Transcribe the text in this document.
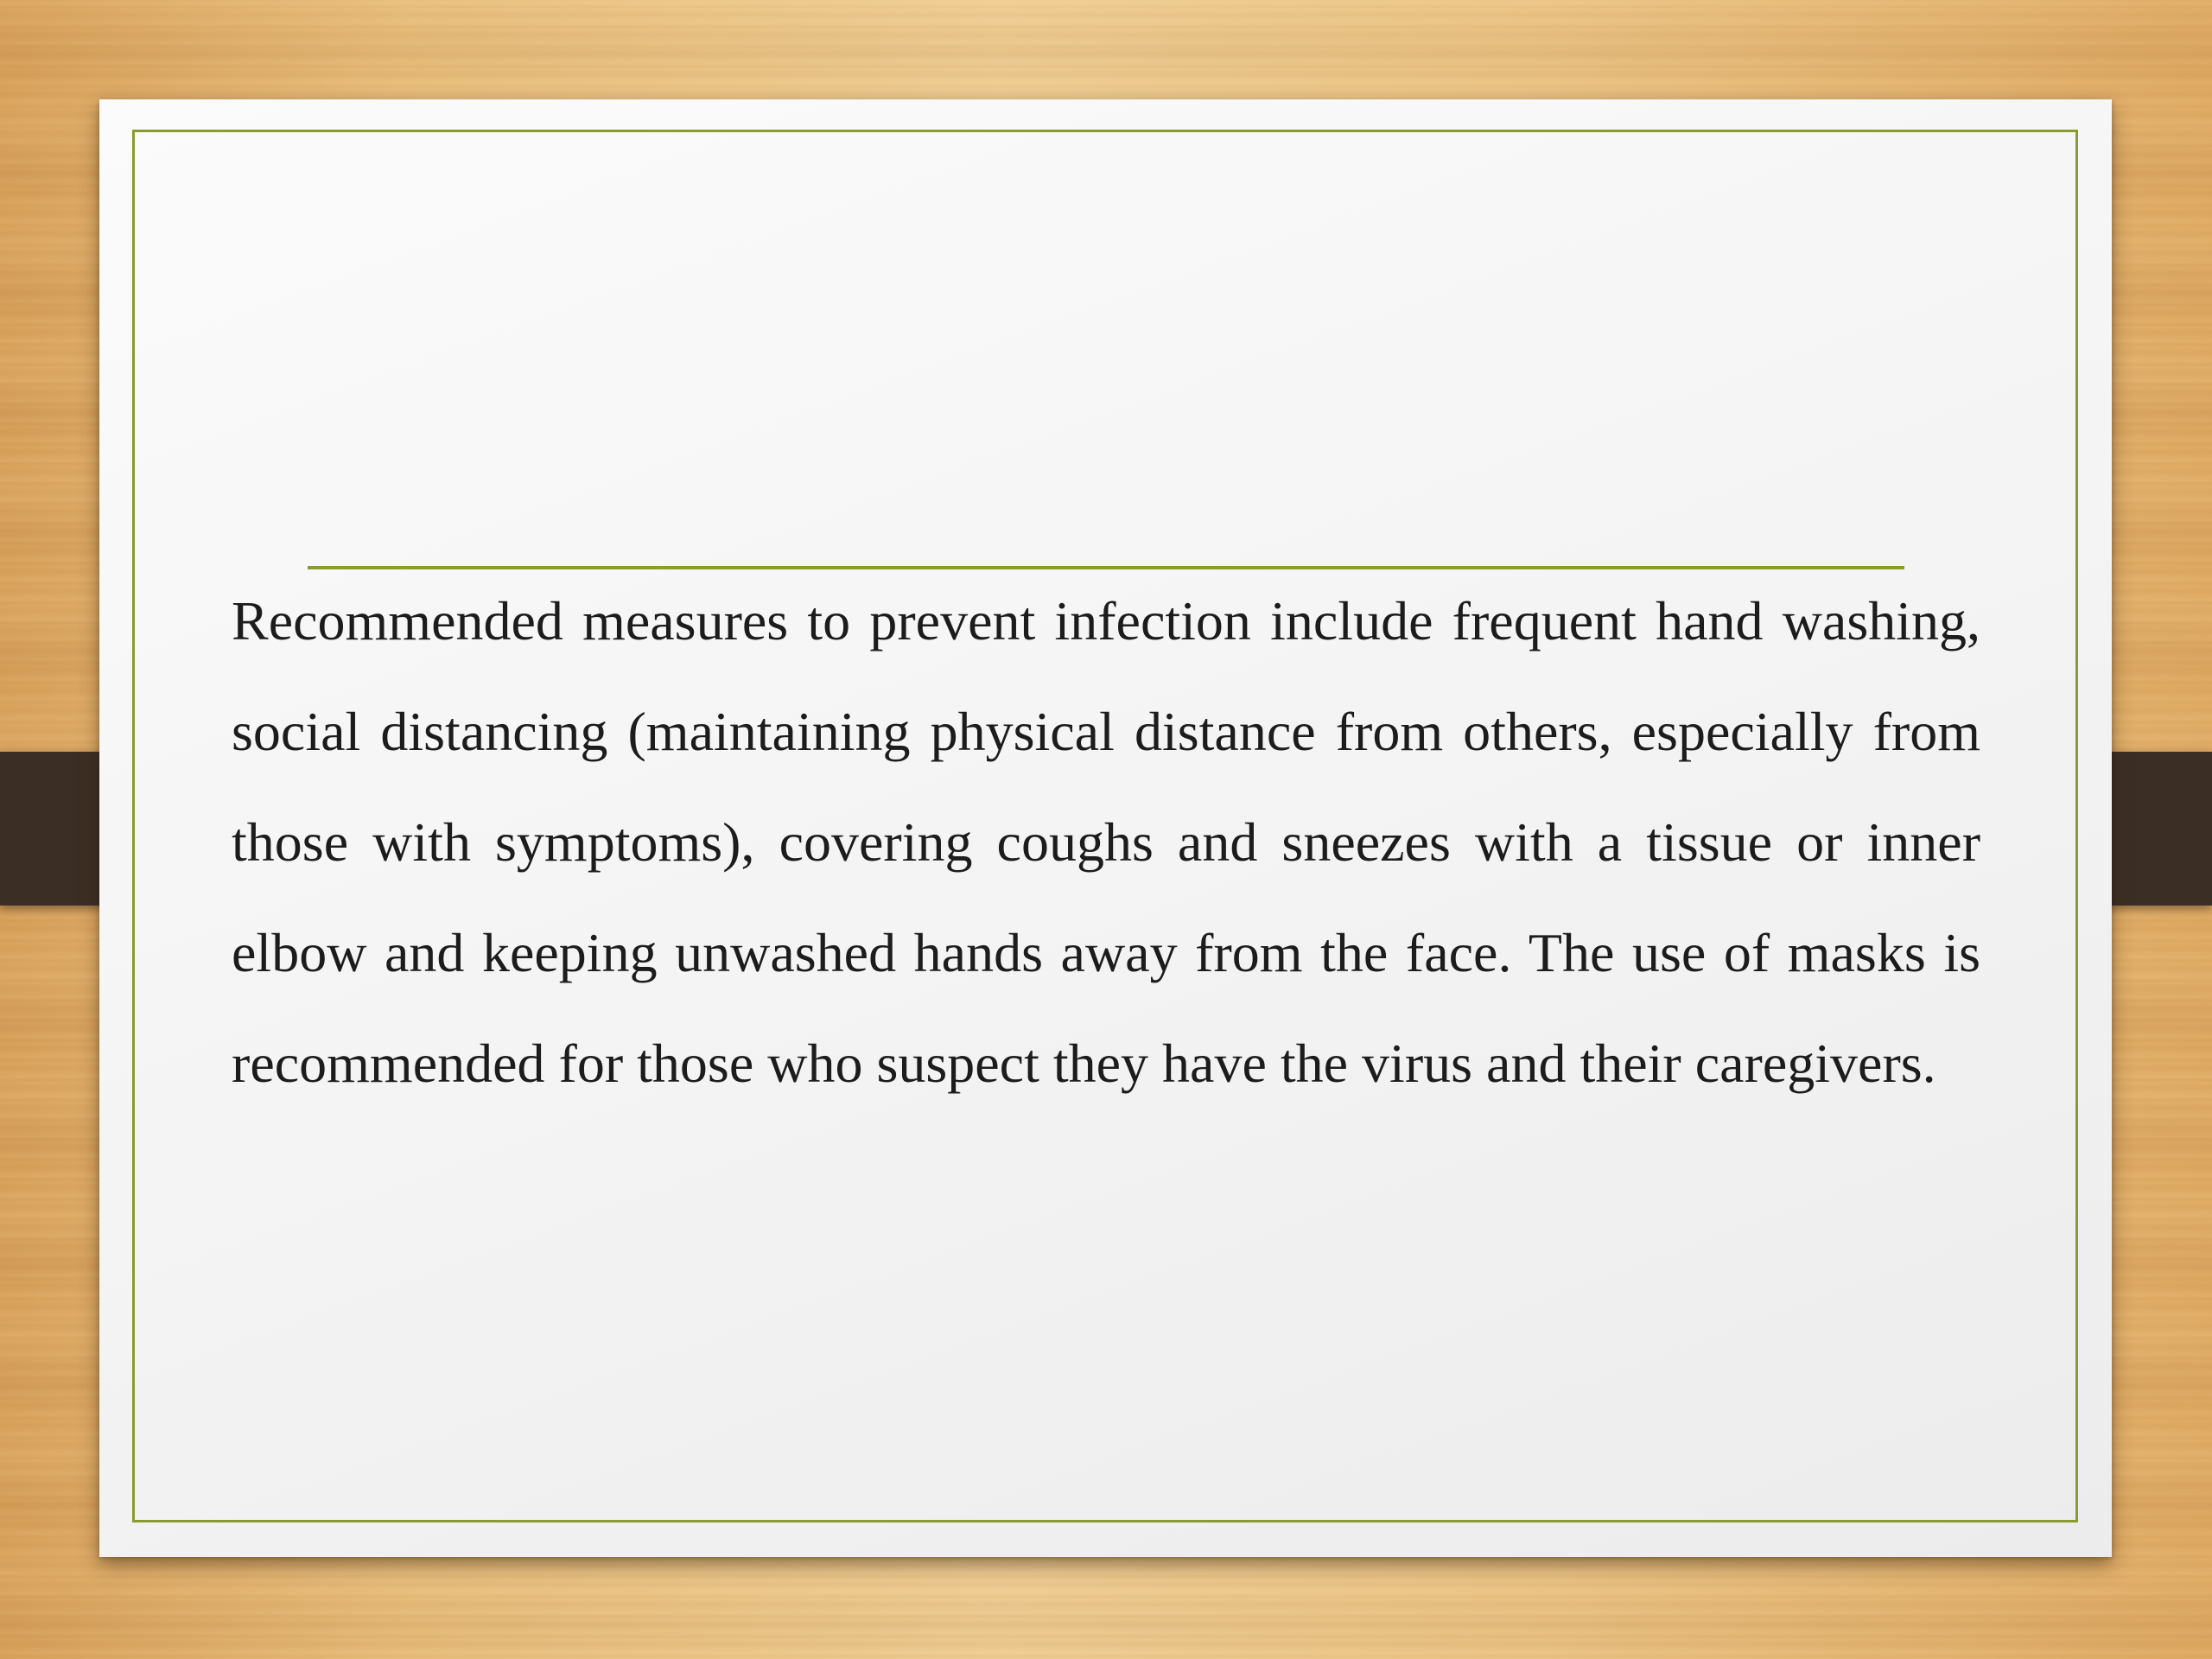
Recommended measures to prevent infection include frequent hand washing, social distancing (maintaining physical distance from others, especially from those with symptoms), covering coughs and sneezes with a tissue or inner elbow and keeping unwashed hands away from the face. The use of masks is recommended for those who suspect they have the virus and their caregivers.
